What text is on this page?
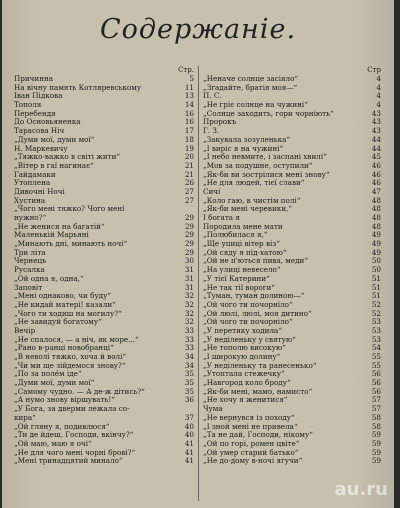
Содержаніе.
Стр.
Причинна	5
На вічну память Котляревському	11
Іван Підкова	13
Тополя	14
Перебендя	16
До Основьяненка	16
Тарасова Ніч	17
„Думи мої, думи мої“	18
Н. Маркевичу	19
„Тяжко-важко в світі жити“	20
„Вітер в гаї нагинає“	21
Гайдамаки	21
Утоплена	26
Дивочні Ночі	27
Хустина	27
„Чого мені тяжко? Чого мені
нужно?“	29
„Не женися на багатій“	29
Маленькій Марьяні	29
„Минають дні, минають ночі“	29
Три літа	29
Чернець	30
Русалка	31
„Ой одна я, одна,“	31
Заповіт	31
„Мені однаково, чи буду“	32
„Не кидай матері! казали“	32
„Чого ти ходиш на могилу?“	32
„Не завидуй богатому“	32
Вечір	33
„Не спалося, — а ніч, як море...“	33
„Рано в-ранці новобранці“	33
„В неволі тяжко, хоча й волі“	34
„Чи ми ще зійдемося знову?“	34
„По за поле́м іде“	35
„Думи мої, думи мої“	35
„Самому чудно. — А де-ж дітись?“	35
„А нумо знову віршувать!“	36
„У Бога, за дверми лежала со-
кира“	37
„Ой гляну я, подивлюся“	40
„Ти де йдеш, Господи, вкінчу?“	40
„Ой маю, маю я очі“	41
„Не для чого мені чорні брові?“	41
„Мені тринадцятий минало“	41
Стр
„Неначе солнце засіяло“	4
„Згадайте, братія моя—“	4
П. С.	4
„Не гріє солнце на чужині“	4
„Солнце заходить, гори чорніють“	43
Пророкъ	43
Г. З.	43
„Закувала зозуленька“	44
„І виріс я на чужині“	44
„І небо невмите, і заспані хвилі“	45
„Мов за подушне, оступили“	46
„Як-би ви зострілися мені знову“	46
„Не для людей, тієї слави“	46
Сичі	47
„Коло гаю, в чистім полі“	48
„Як-би мені черевики,“	48
І богата я	48
Породила мене мати	48
„Полюбилася я,“	49
„Ще упиці вітер віз“	49
„Ой сяду я під-хатою“	49
„Ой не п'ються пива, меди“	50
„На улиці невесело“	50
„У тієї Катерини“	51
„Не так тії вороги“	51
„Туман, туман долиною—“	51
„Ой чого ти почорніло“	52
„Ой люлі, люлі, моя дитино“	52
„Ой чого ти почорніло“	53
„У перетику ходила“	53
„У неділеньку у святую“	53
„Не тополю високую“	54
„І широкую долину“	55
„У неділеньку та ранесенько“	55
„Утоптала стежечку“	56
„Навгород коло броду“	56
„Як-би мені, мамо, намисто“	56
„Не хочу я женитися“	57
Чума	57
„Не вернувся із походу“	58
„І зной мені не привела“	58
„Та не дай, Господи, нікому“	59
„Ой по горі, ромен цвіте“	59
„Ой умер старий батько“	59
„Не до-дому в-ночі ягучи“	59
au.ru
